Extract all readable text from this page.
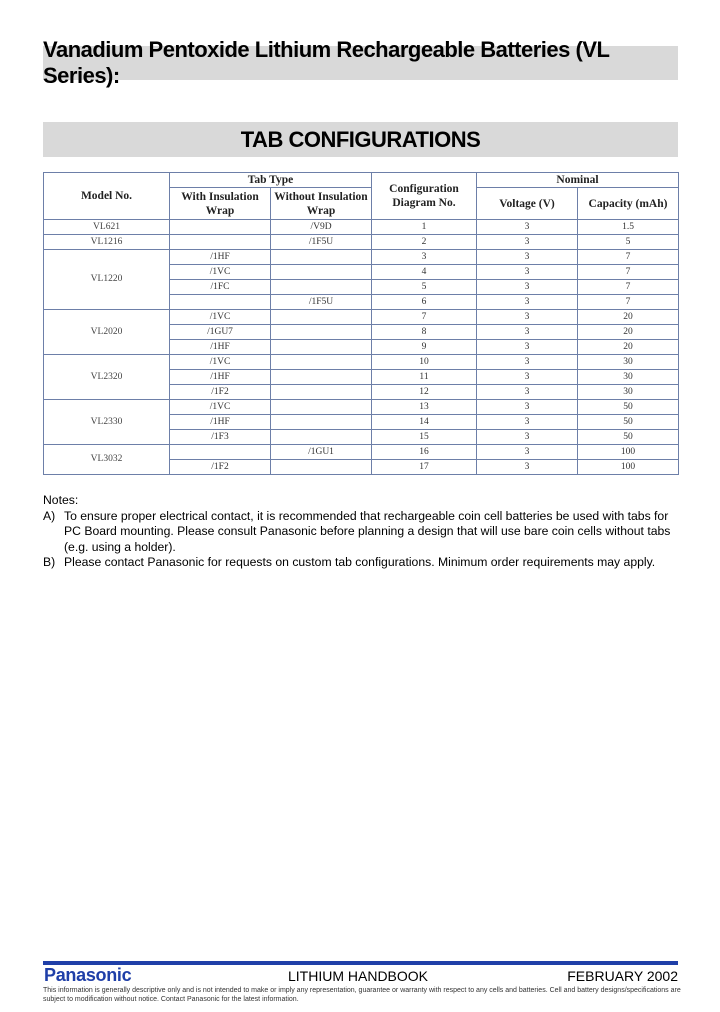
Vanadium Pentoxide Lithium Rechargeable Batteries (VL Series):
TAB CONFIGURATIONS
Model No.	Tab Type		Configuration Diagram No.	Nominal	
	With Insulation Wrap	Without Insulation Wrap		Voltage (V)	Capacity (mAh)
VL621		/V9D	1	3	1.5
VL1216		/1F5U	2	3	5
VL1220	/1HF		3	3	7
	/1VC		4	3	7
	/1FC		5	3	7
		/1F5U	6	3	7
VL2020	/1VC		7	3	20
	/1GU7		8	3	20
	/1HF		9	3	20
VL2320	/1VC		10	3	30
	/1HF		11	3	30
	/1F2		12	3	30
VL2330	/1VC		13	3	50
	/1HF		14	3	50
	/1F3		15	3	50
VL3032		/1GU1	16	3	100
	/1F2		17	3	100
Notes:
A) To ensure proper electrical contact, it is recommended that rechargeable coin cell batteries be used with tabs for PC Board mounting. Please consult Panasonic before planning a design that will use bare coin cells without tabs (e.g. using a holder).
B) Please contact Panasonic for requests on custom tab configurations. Minimum order requirements may apply.
Panasonic	LITHIUM HANDBOOK	FEBRUARY 2002
This information is generally descriptive only and is not intended to make or imply any representation, guarantee or warranty with respect to any cells and batteries. Cell and battery designs/specifications are subject to modification without notice. Contact Panasonic for the latest information.
